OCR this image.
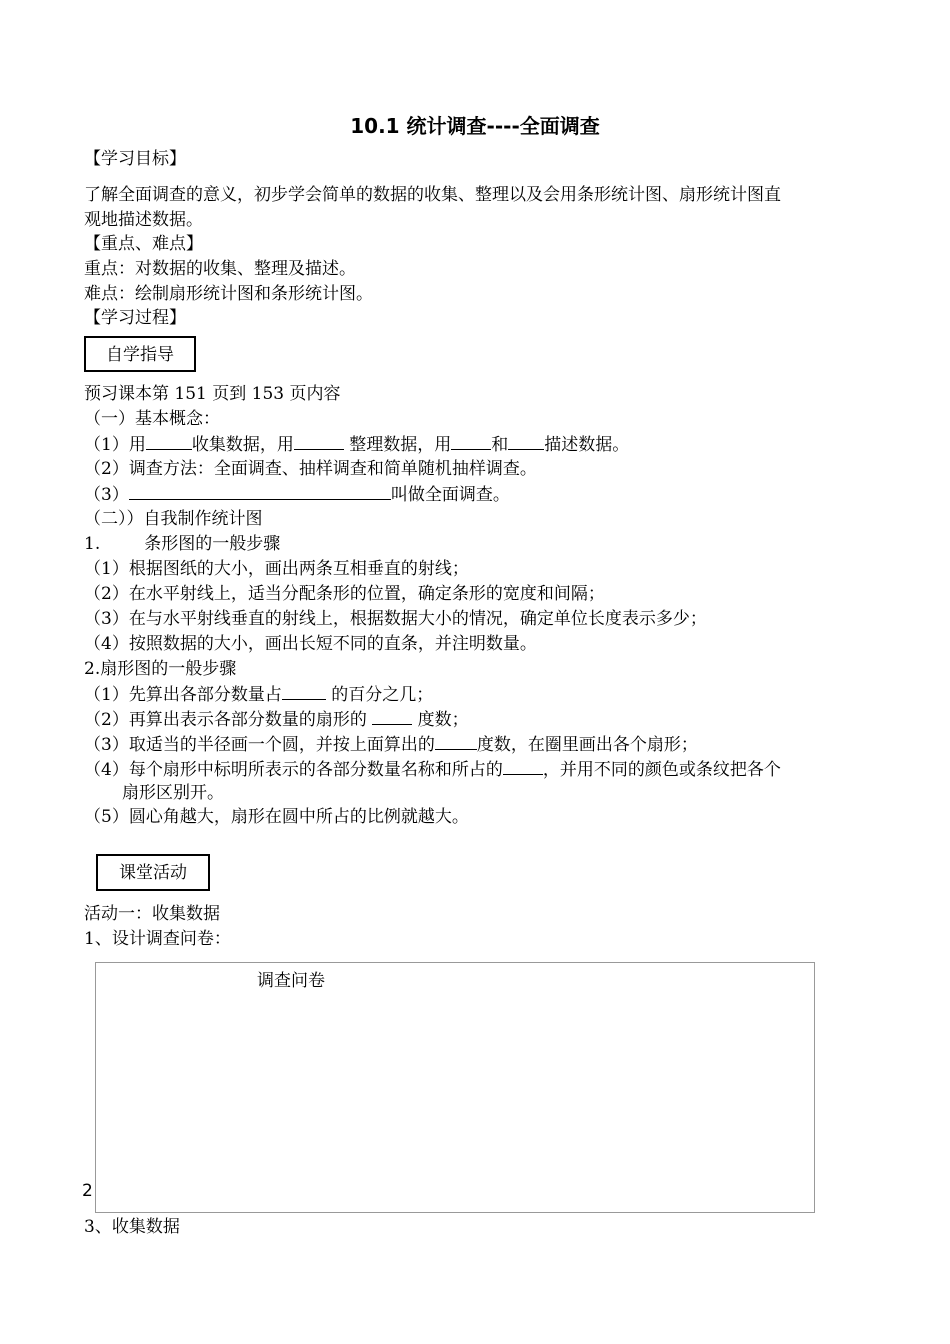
10.1 统计调查----全面调查
【学习目标】
了解全面调查的意义，初步学会简单的数据的收集、整理以及会用条形统计图、扇形统计图直
观地描述数据。
【重点、难点】
重点：对数据的收集、整理及描述。
难点：绘制扇形统计图和条形统计图。
【学习过程】
自学指导
预习课本第 151 页到 153 页内容
（一）基本概念：
（1）用	收集数据，用	整理数据，用 和 描述数据。
（2）调查方法：全面调查、抽样调查和简单随机抽样调查。
（3）	叫做全面调查。
（二））自我制作统计图
1.	条形图的一般步骤
（1）根据图纸的大小，画出两条互相垂直的射线；
（2）在水平射线上，适当分配条形的位置，确定条形的宽度和间隔；
（3）在与水平射线垂直的射线上，根据数据大小的情况，确定单位长度表示多少；
（4）按照数据的大小，画出长短不同的直条，并注明数量。
2.扇形图的一般步骤
（1）先算出各部分数量占	的百分之几；
（2）再算出表示各部分数量的扇形的  度数；
（3）取适当的半径画一个圆，并按上面算出的 度数，在圈里画出各个扇形；
（4）每个扇形中标明所表示的各部分数量名称和所占的 ，并用不同的颜色或条纹把各个
扇形区别开。
（5）圆心角越大，扇形在圆中所占的比例就越大。
课堂活动
活动一：收集数据
1、设计调查问卷：
调查问卷
2
3、收集数据
